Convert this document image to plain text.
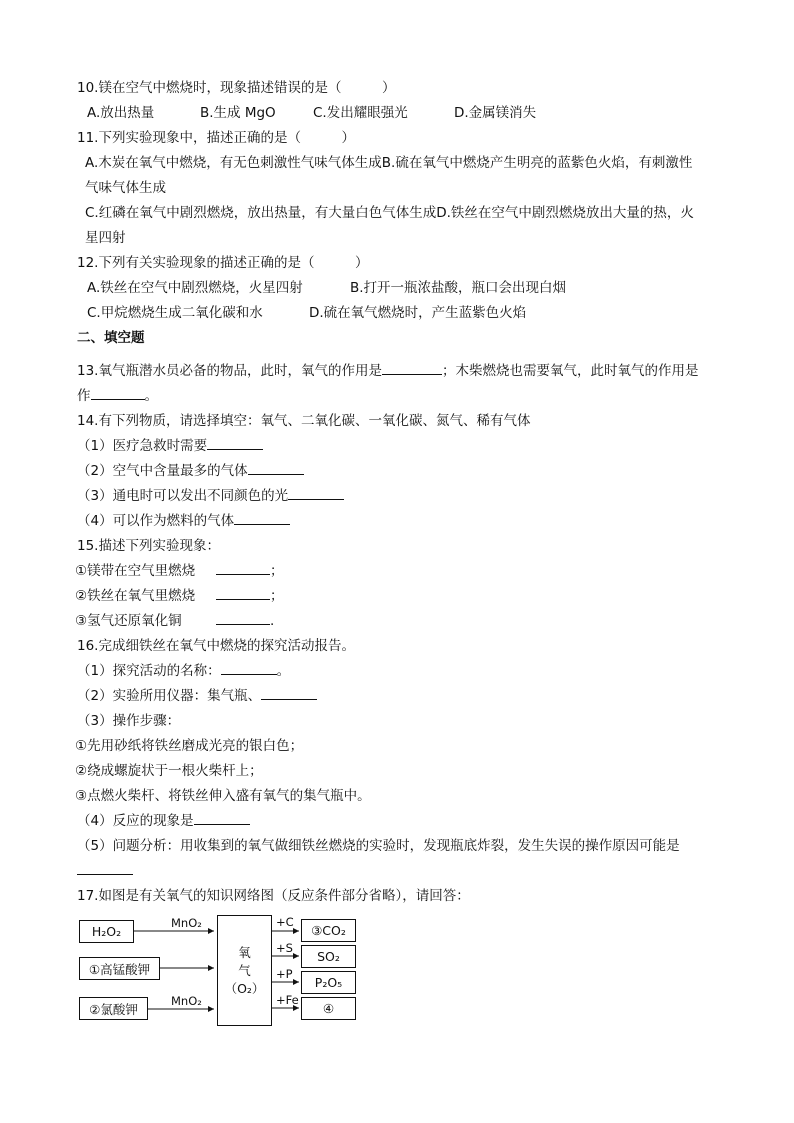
10.镁在空气中燃烧时，现象描述错误的是（　　　）
A.放出热量	B.生成 MgO	C.发出耀眼强光	D.金属镁消失
11.下列实验现象中，描述正确的是（　　　）
A.木炭在氧气中燃烧，有无色刺激性气味气体生成B.硫在氧气中燃烧产生明亮的蓝紫色火焰，有刺激性
气味气体生成
C.红磷在氧气中剧烈燃烧，放出热量，有大量白色气体生成D.铁丝在空气中剧烈燃烧放出大量的热，火
星四射
12.下列有关实验现象的描述正确的是（　　　）
A.铁丝在空气中剧烈燃烧，火星四射	B.打开一瓶浓盐酸，瓶口会出现白烟
C.甲烷燃烧生成二氧化碳和水	D.硫在氧气燃烧时，产生蓝紫色火焰
二、填空题
13.氧气瓶潜水员必备的物品，此时，氧气的作用是	；木柴燃烧也需要氧气，此时氧气的作用是
作	。
14.有下列物质，请选择填空：氧气、二氧化碳、一氧化碳、氮气、稀有气体
（1）医疗急救时需要
（2）空气中含量最多的气体
（3）通电时可以发出不同颜色的光
（4）可以作为燃料的气体
15.描述下列实验现象：
①镁带在空气里燃烧	；
②铁丝在氧气里燃烧	；
③氢气还原氧化铜	.
16.完成细铁丝在氧气中燃烧的探究活动报告。
（1）探究活动的名称：	。
（2）实验所用仪器：集气瓶、
（3）操作步骤：
①先用砂纸将铁丝磨成光亮的银白色；
②绕成螺旋状于一根火柴杆上；
③点燃火柴杆、将铁丝伸入盛有氧气的集气瓶中。
（4）反应的现象是
（5）问题分析：用收集到的氧气做细铁丝燃烧的实验时，发现瓶底炸裂，发生失误的操作原因可能是
17.如图是有关氧气的知识网络图（反应条件部分省略），请回答：
H₂O₂
①高锰酸钾
②氯酸钾
MnO₂
MnO₂
氧
气
（O₂）
+C
+S
+P
+Fe
③CO₂
SO₂
P₂O₅
④
